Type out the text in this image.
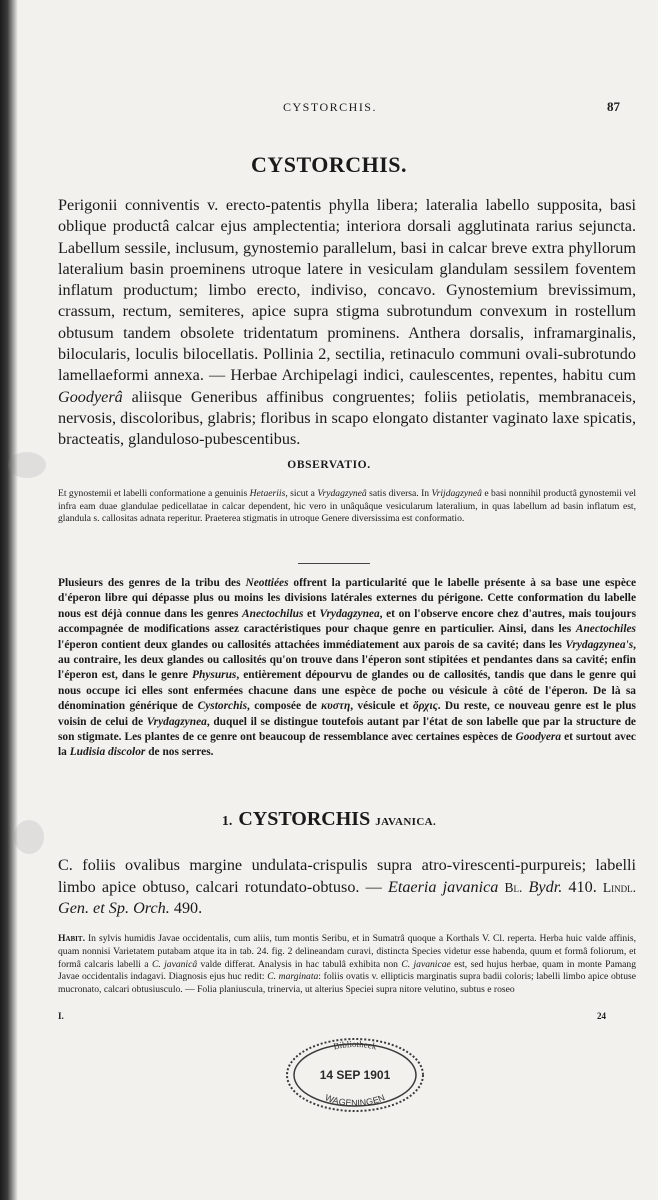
CYSTORCHIS.	87
CYSTORCHIS.
Perigonii conniventis v. erecto-patentis phylla libera; lateralia labello supposita, basi oblique productâ calcar ejus amplectentia; interiora dorsali agglutinata rarius sejuncta. Labellum sessile, inclusum, gynostemio parallelum, basi in calcar breve extra phyllorum lateralium basin proeminens utroque latere in vesiculam glandulam sessilem foventem inflatum productum; limbo erecto, indiviso, concavo. Gynostemium brevissimum, crassum, rectum, semiteres, apice supra stigma subrotundum convexum in rostellum obtusum tandem obsolete tridentatum prominens. Anthera dorsalis, inframarginalis, bilocularis, loculis bilocellatis. Pollinia 2, sectilia, retinaculo communi ovali-subrotundo lamellaeformi annexa. — Herbae Archipelagi indici, caulescentes, repentes, habitu cum Goodyerâ aliisque Generibus affinibus congruentes; foliis petiolatis, membranaceis, nervosis, discoloribus, glabris; floribus in scapo elongato distanter vaginato laxe spicatis, bracteatis, glanduloso-pubescentibus.
OBSERVATIO.
Et gynostemii et labelli conformatione a genuinis Hetaeriis, sicut a Vrydagzyneâ satis diversa. In Vrijdagzyneâ e basi nonnihil productâ gynostemii vel infra eam duae glandulae pedicellatae in calcar dependent, hic vero in unâquâque vesicularum lateralium, in quas labellum ad basin inflatum est, glandula s. callositas adnata reperitur. Praeterea stigmatis in utroque Genere diversissima est conformatio.
Plusieurs des genres de la tribu des Neottiées offrent la particularité que le labelle présente à sa base une espèce d'éperon libre qui dépasse plus ou moins les divisions latérales externes du périgone. Cette conformation du labelle nous est déjà connue dans les genres Anectochilus et Vrydagzynea, et on l'observe encore chez d'autres, mais toujours accompagnée de modifications assez caractéristiques pour chaque genre en particulier. Ainsi, dans les Anectochiles l'éperon contient deux glandes ou callosités attachées immédiatement aux parois de sa cavité; dans les Vrydagzynea's, au contraire, les deux glandes ou callosités qu'on trouve dans l'éperon sont stipitées et pendantes dans sa cavité; enfin l'éperon est, dans le genre Physurus, entièrement dépourvu de glandes ou de callosités, tandis que dans le genre qui nous occupe ici elles sont enfermées chacune dans une espèce de poche ou vésicule à côté de l'éperon. De là sa dénomination générique de Cystorchis, composée de κυστη, vésicule et ὄρχις. Du reste, ce nouveau genre est le plus voisin de celui de Vrydagzynea, duquel il se distingue toutefois autant par l'état de son labelle que par la structure de son stigmate. Les plantes de ce genre ont beaucoup de ressemblance avec certaines espèces de Goodyera et surtout avec la Ludisia discolor de nos serres.
1. CYSTORCHIS JAVANICA.
C. foliis ovalibus margine undulata-crispulis supra atro-virescenti-purpureis; labelli limbo apice obtuso, calcari rotundato-obtuso. — Etaeria javanica Bl. Bydr. 410. Lindl. Gen. et Sp. Orch. 490.
Habit. In sylvis humidis Javae occidentalis, cum aliis, tum montis Seribu, et in Sumatrâ quoque a Korthals V. Cl. reperta. Herba huic valde affinis, quam nonnisi Varietatem putabam atque ita in tab. 24. fig. 2 delineandam curavi, distincta Species videtur esse habenda, quum et formâ foliorum, et formâ calcaris labelli a C. javanicâ valde differat. Analysis in hac tabulâ exhibita non C. javanicae est, sed hujus herbae, quam in monte Pamang Javae occidentalis indagavi. Diagnosis ejus huc redit: C. marginata: foliis ovatis v. ellipticis marginatis supra badii coloris; labelli limbo apice obtuse mucronato, calcari obtusiusculo. — Folia planiuscula, trinervia, ut alterius Speciei supra nitore velutino, subtus e roseo
I.	24
Bibliotheek
14 SEP 1901
WAGENINGEN
